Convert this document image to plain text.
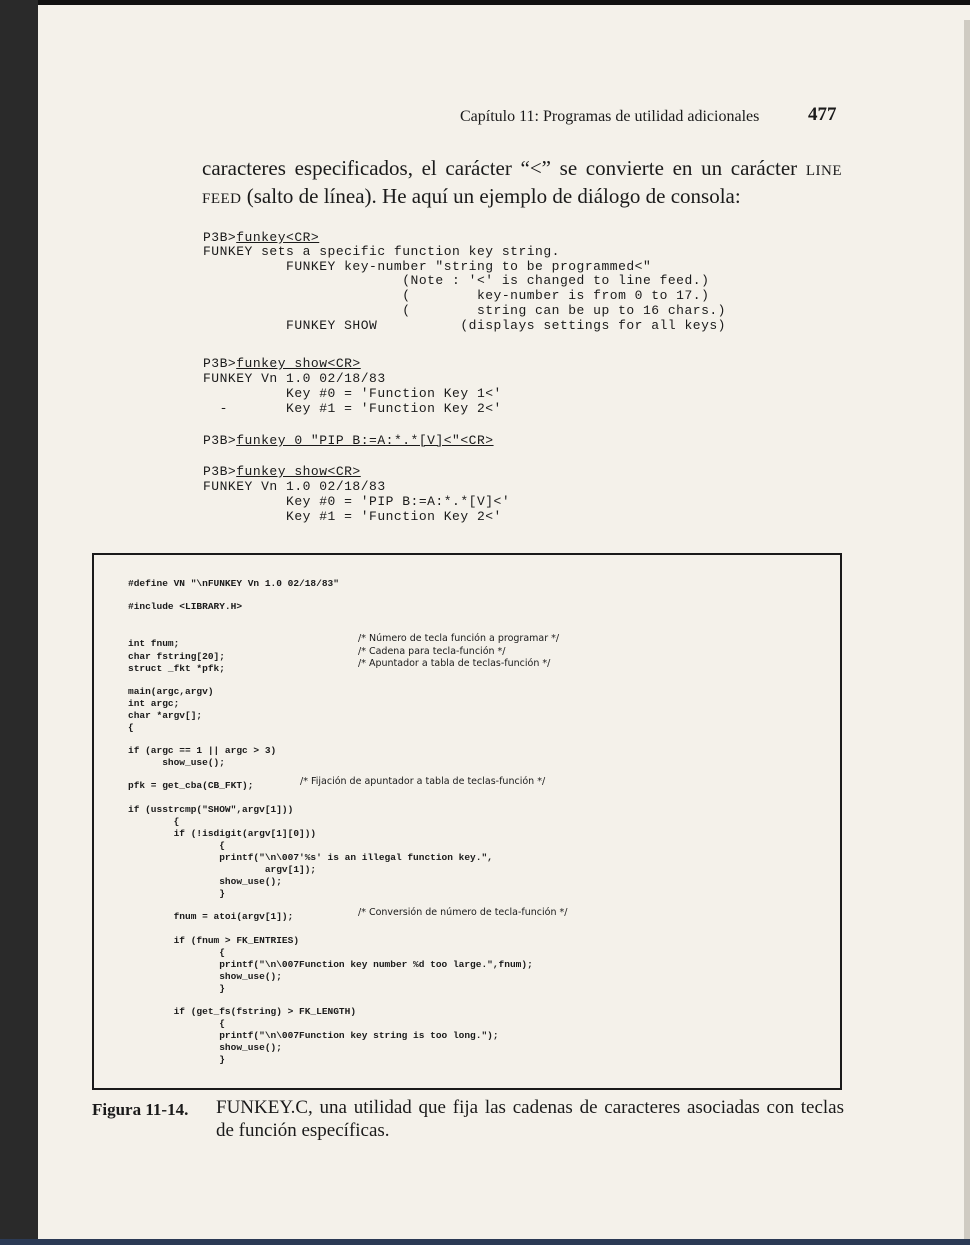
Capítulo 11: Programas de utilidad adicionales	477
caracteres especificados, el carácter “<” se convierte en un carácter LINE FEED (salto de línea). He aquí un ejemplo de diálogo de consola:
P3B>funkey<CR>
FUNKEY sets a specific function key string.
FUNKEY key-number "string to be programmed<"
(Note : '<' is changed to line feed.)
(        key-number is from 0 to 17.)
(        string can be up to 16 chars.)
FUNKEY SHOW          (displays settings for all keys)
P3B>funkey show<CR>
FUNKEY Vn 1.0 02/18/83
Key #0 = 'Function Key 1<'
-       Key #1 = 'Function Key 2<'
P3B>funkey 0 "PIP B:=A:*.*[V]<"<CR>
P3B>funkey show<CR>
FUNKEY Vn 1.0 02/18/83
Key #0 = 'PIP B:=A:*.*[V]<'
Key #1 = 'Function Key 2<'
#define VN "\nFUNKEY Vn 1.0 02/18/83"
#include <LIBRARY.H>
int fnum;	/* Número de tecla función a programar */
char fstring[20];	/* Cadena para tecla-función */
struct _fkt *pfk;	/* Apuntador a tabla de teclas-función */
main(argc,argv)
int argc;
char *argv[];
{
if (argc == 1 || argc > 3)
show_use();
pfk = get_cba(CB_FKT);	/* Fijación de apuntador a tabla de teclas-función */
if (usstrcmp("SHOW",argv[1]))
{
if (!isdigit(argv[1][0]))
{
printf("\n\007'%s' is an illegal function key.",
argv[1]);
show_use();
}
fnum = atoi(argv[1]);	/* Conversión de número de tecla-función */
if (fnum > FK_ENTRIES)
{
printf("\n\007Function key number %d too large.",fnum);
show_use();
}
if (get_fs(fstring) > FK_LENGTH)
{
printf("\n\007Function key string is too long.");
show_use();
}
Figura 11-14. FUNKEY.C, una utilidad que fija las cadenas de caracteres asociadas con teclas de función específicas.
